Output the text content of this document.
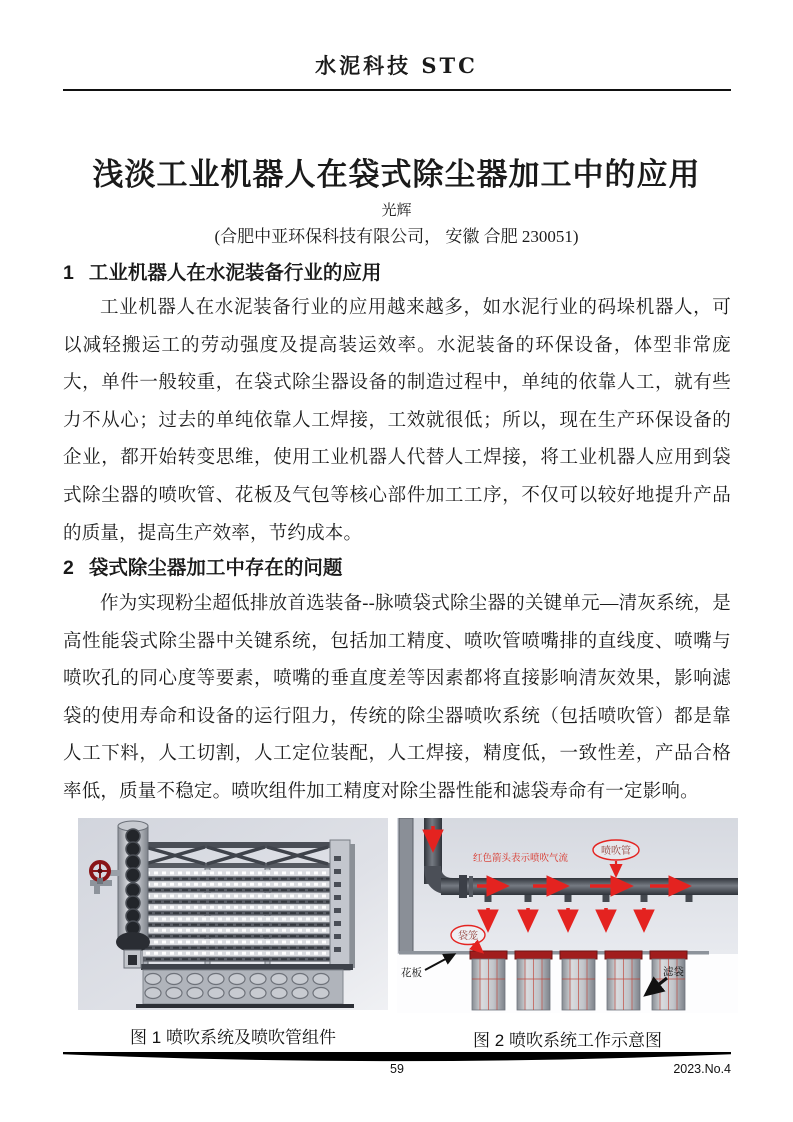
水泥科技 STC
浅淡工业机器人在袋式除尘器加工中的应用
光辉
(合肥中亚环保科技有限公司， 安徽 合肥 230051)
1 工业机器人在水泥装备行业的应用

工业机器人在水泥装备行业的应用越来越多，如水泥行业的码垛机器人，可以减轻搬运工的劳动强度及提高装运效率。水泥装备的环保设备，体型非常庞大，单件一般较重，在袋式除尘器设备的制造过程中，单纯的依靠人工，就有些力不从心；过去的单纯依靠人工焊接，工效就很低；所以，现在生产环保设备的企业，都开始转变思维，使用工业机器人代替人工焊接，将工业机器人应用到袋式除尘器的喷吹管、花板及气包等核心部件加工工序，不仅可以较好地提升产品的质量，提高生产效率，节约成本。

2 袋式除尘器加工中存在的问题

作为实现粉尘超低排放首选装备--脉喷袋式除尘器的关键单元—清灰系统，是高性能袋式除尘器中关键系统，包括加工精度、喷吹管喷嘴排的直线度、喷嘴与喷吹孔的同心度等要素，喷嘴的垂直度差等因素都将直接影响清灰效果，影响滤袋的使用寿命和设备的运行阻力，传统的除尘器喷吹系统（包括喷吹管）都是靠人工下料，人工切割，人工定位装配，人工焊接，精度低，一致性差，产品合格率低，质量不稳定。喷吹组件加工精度对除尘器性能和滤袋寿命有一定影响。

图 1 喷吹系统及喷吹管组件
红色箭头表示喷吹气流
喷吹管
袋笼
花板	滤袋
图 2 喷吹系统工作示意图
59	2023.No.4
